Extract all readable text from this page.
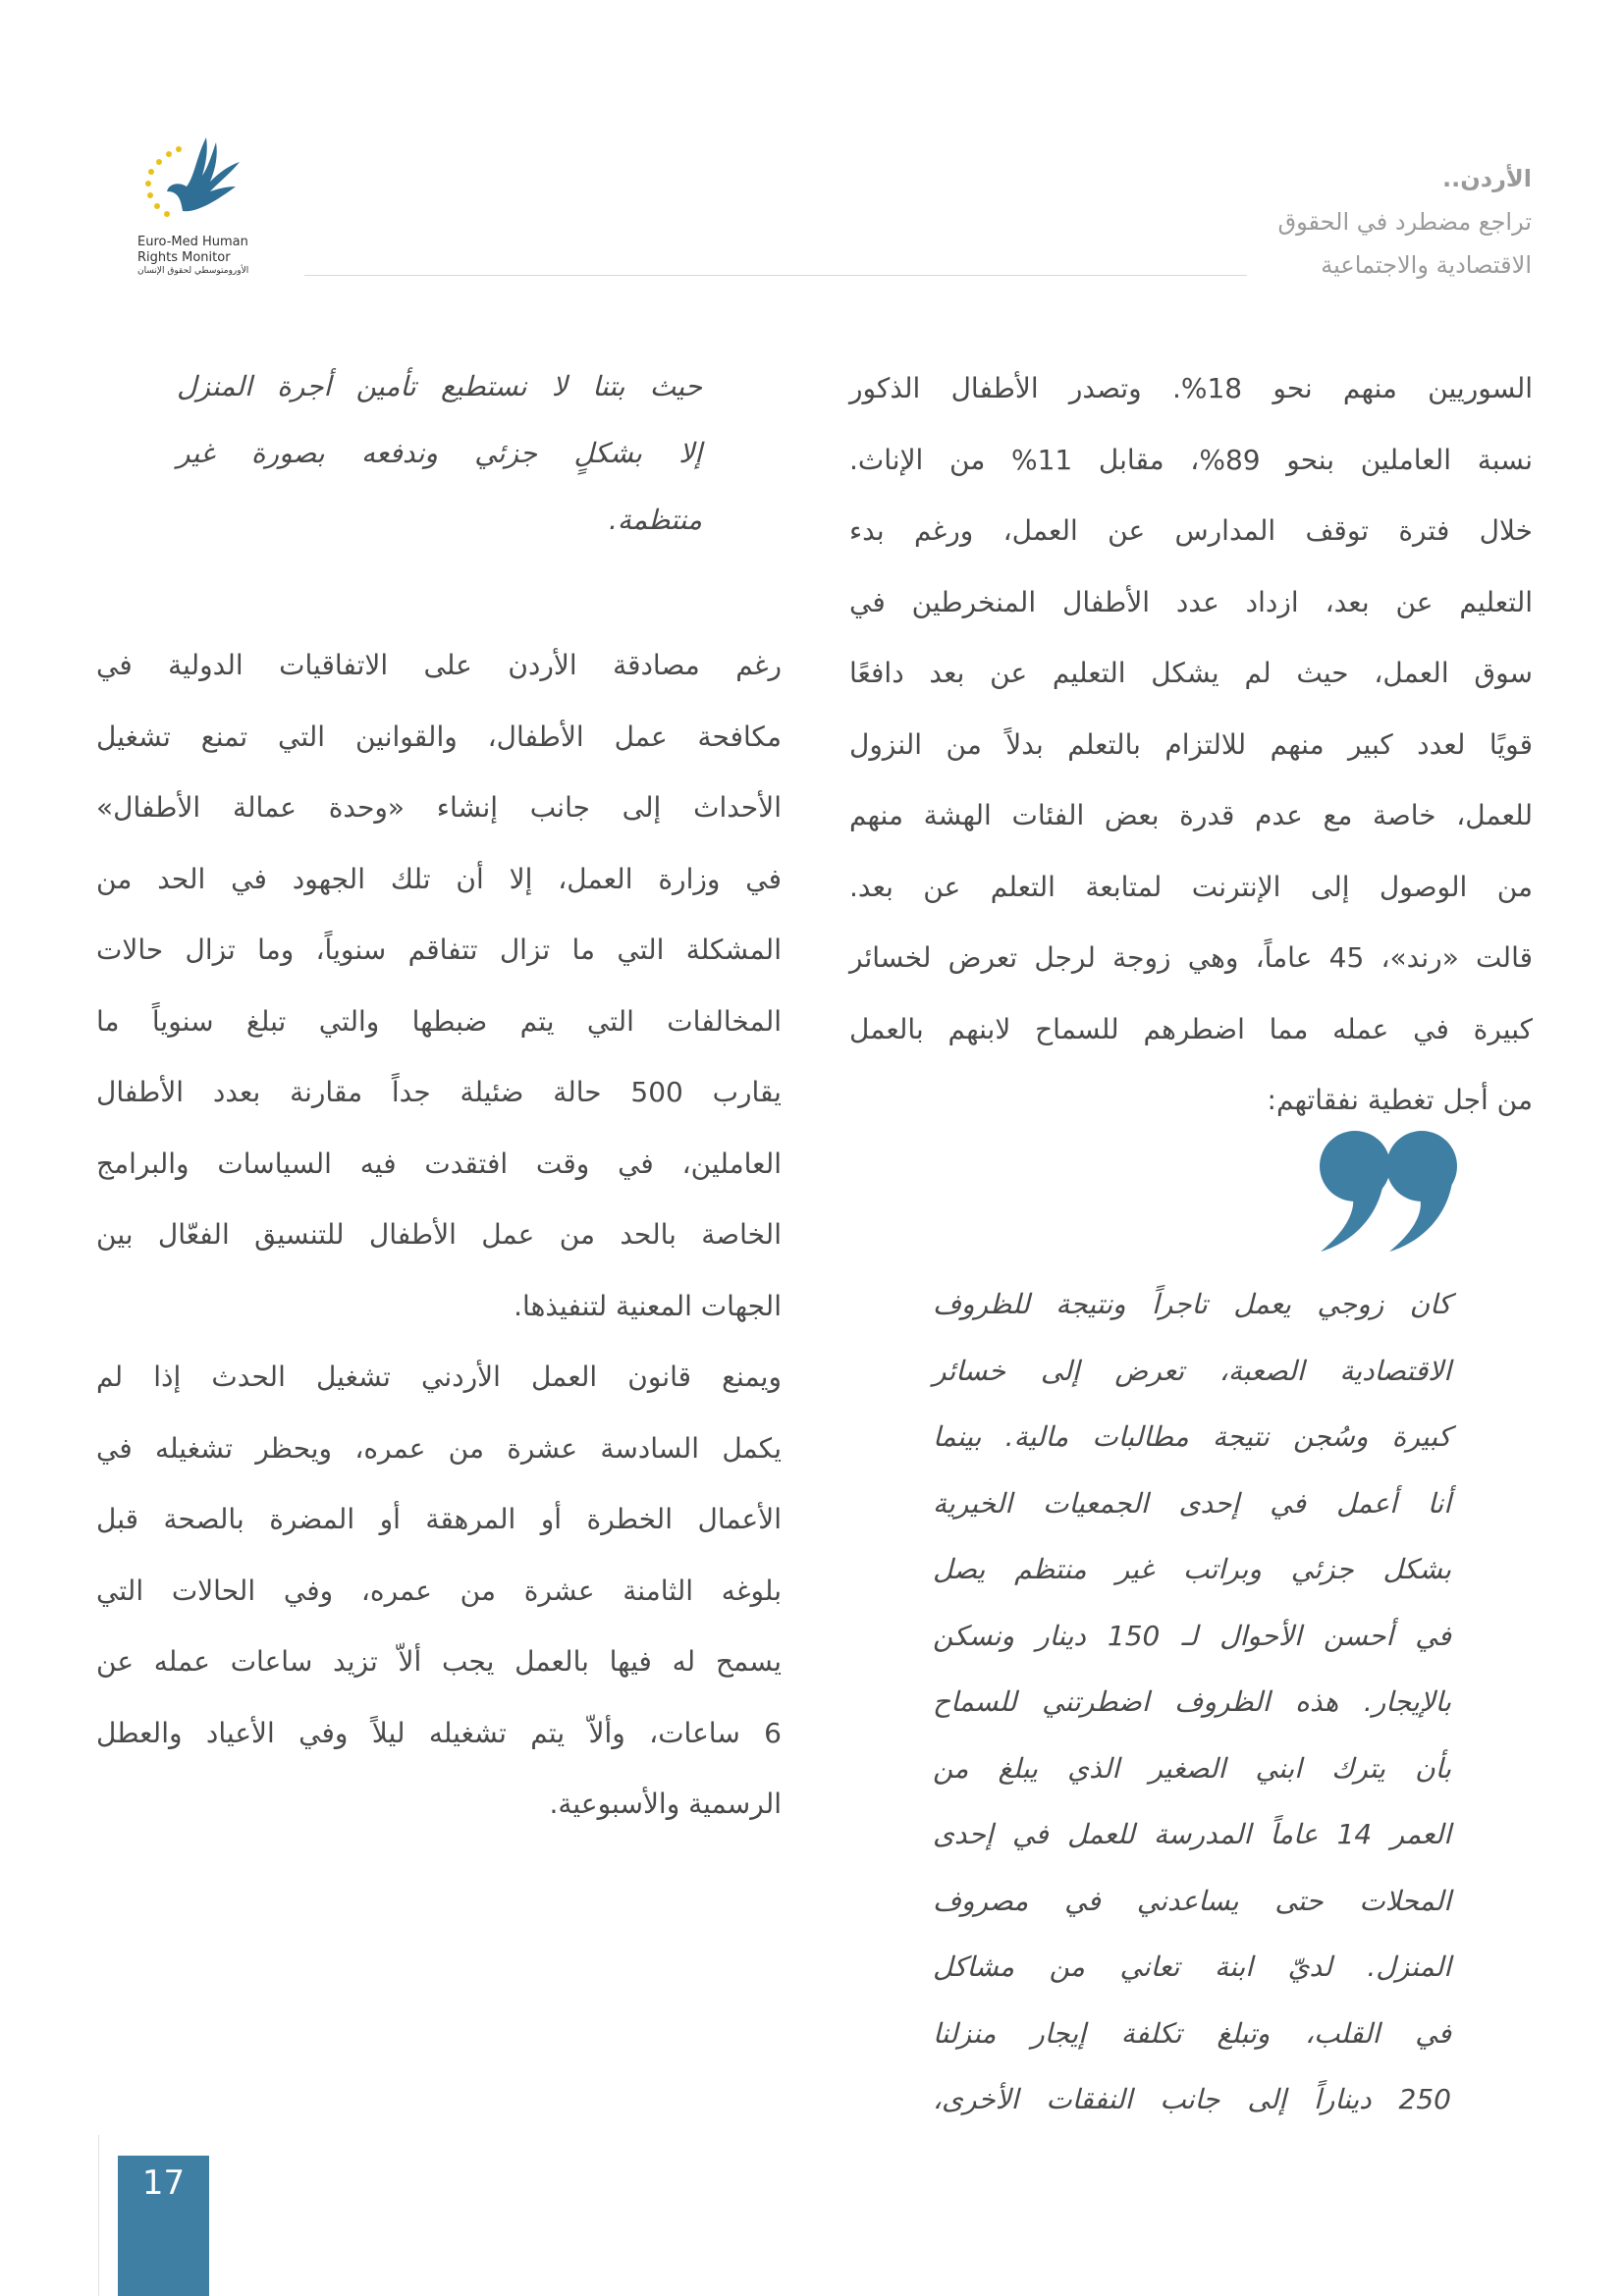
Euro-Med Human
Rights Monitor
الأورومتوسطي لحقوق الإنسان
الأردن..
تراجع مضطرد في الحقوق
الاقتصادية والاجتماعية
السوريين منهم نحو 18%. وتصدر الأطفال الذكور
نسبة العاملين بنحو 89%، مقابل 11% من الإناث.
خلال فترة توقف المدارس عن العمل، ورغم بدء
التعليم عن بعد، ازداد عدد الأطفال المنخرطين في
سوق العمل، حيث لم يشكل التعليم عن بعد دافعًا
قويًا لعدد كبير منهم للالتزام بالتعلم بدلاً من النزول
للعمل، خاصة مع عدم قدرة بعض الفئات الهشة منهم
من الوصول إلى الإنترنت لمتابعة التعلم عن بعد.
قالت «رند»، 45 عاماً، وهي زوجة لرجل تعرض لخسائر
كبيرة في عمله مما اضطرهم للسماح لابنهم بالعمل
من أجل تغطية نفقاتهم:
كان زوجي يعمل تاجراً ونتيجة للظروف
الاقتصادية الصعبة، تعرض إلى خسائر
كبيرة وسُجن نتيجة مطالبات مالية. بينما
أنا أعمل في إحدى الجمعيات الخيرية
بشكل جزئي وبراتب غير منتظم يصل
في أحسن الأحوال لـ 150 دينار ونسكن
بالإيجار. هذه الظروف اضطرتني للسماح
بأن يترك ابني الصغير الذي يبلغ من
العمر 14 عاماً المدرسة للعمل في إحدى
المحلات حتى يساعدني في مصروف
المنزل. لديّ ابنة تعاني من مشاكل
في القلب، وتبلغ تكلفة إيجار منزلنا
250 ديناراً إلى جانب النفقات الأخرى،
حيث بتنا لا نستطيع تأمين أجرة المنزل
إلا بشكلٍ جزئي وندفعه بصورة غير
منتظمة.
رغم مصادقة الأردن على الاتفاقيات الدولية في
مكافحة عمل الأطفال، والقوانين التي تمنع تشغيل
الأحداث إلى جانب إنشاء «وحدة عمالة الأطفال»
في وزارة العمل، إلا أن تلك الجهود في الحد من
المشكلة التي ما تزال تتفاقم سنوياً، وما تزال حالات
المخالفات التي يتم ضبطها والتي تبلغ سنوياً ما
يقارب 500 حالة ضئيلة جداً مقارنة بعدد الأطفال
العاملين، في وقت افتقدت فيه السياسات والبرامج
الخاصة بالحد من عمل الأطفال للتنسيق الفعّال بين
الجهات المعنية لتنفيذها.
ويمنع قانون العمل الأردني تشغيل الحدث إذا لم
يكمل السادسة عشرة من عمره، ويحظر تشغيله في
الأعمال الخطرة أو المرهقة أو المضرة بالصحة قبل
بلوغه الثامنة عشرة من عمره، وفي الحالات التي
يسمح له فيها بالعمل يجب ألاّ تزيد ساعات عمله عن
6 ساعات، وألاّ يتم تشغيله ليلاً وفي الأعياد والعطل
الرسمية والأسبوعية.
17
